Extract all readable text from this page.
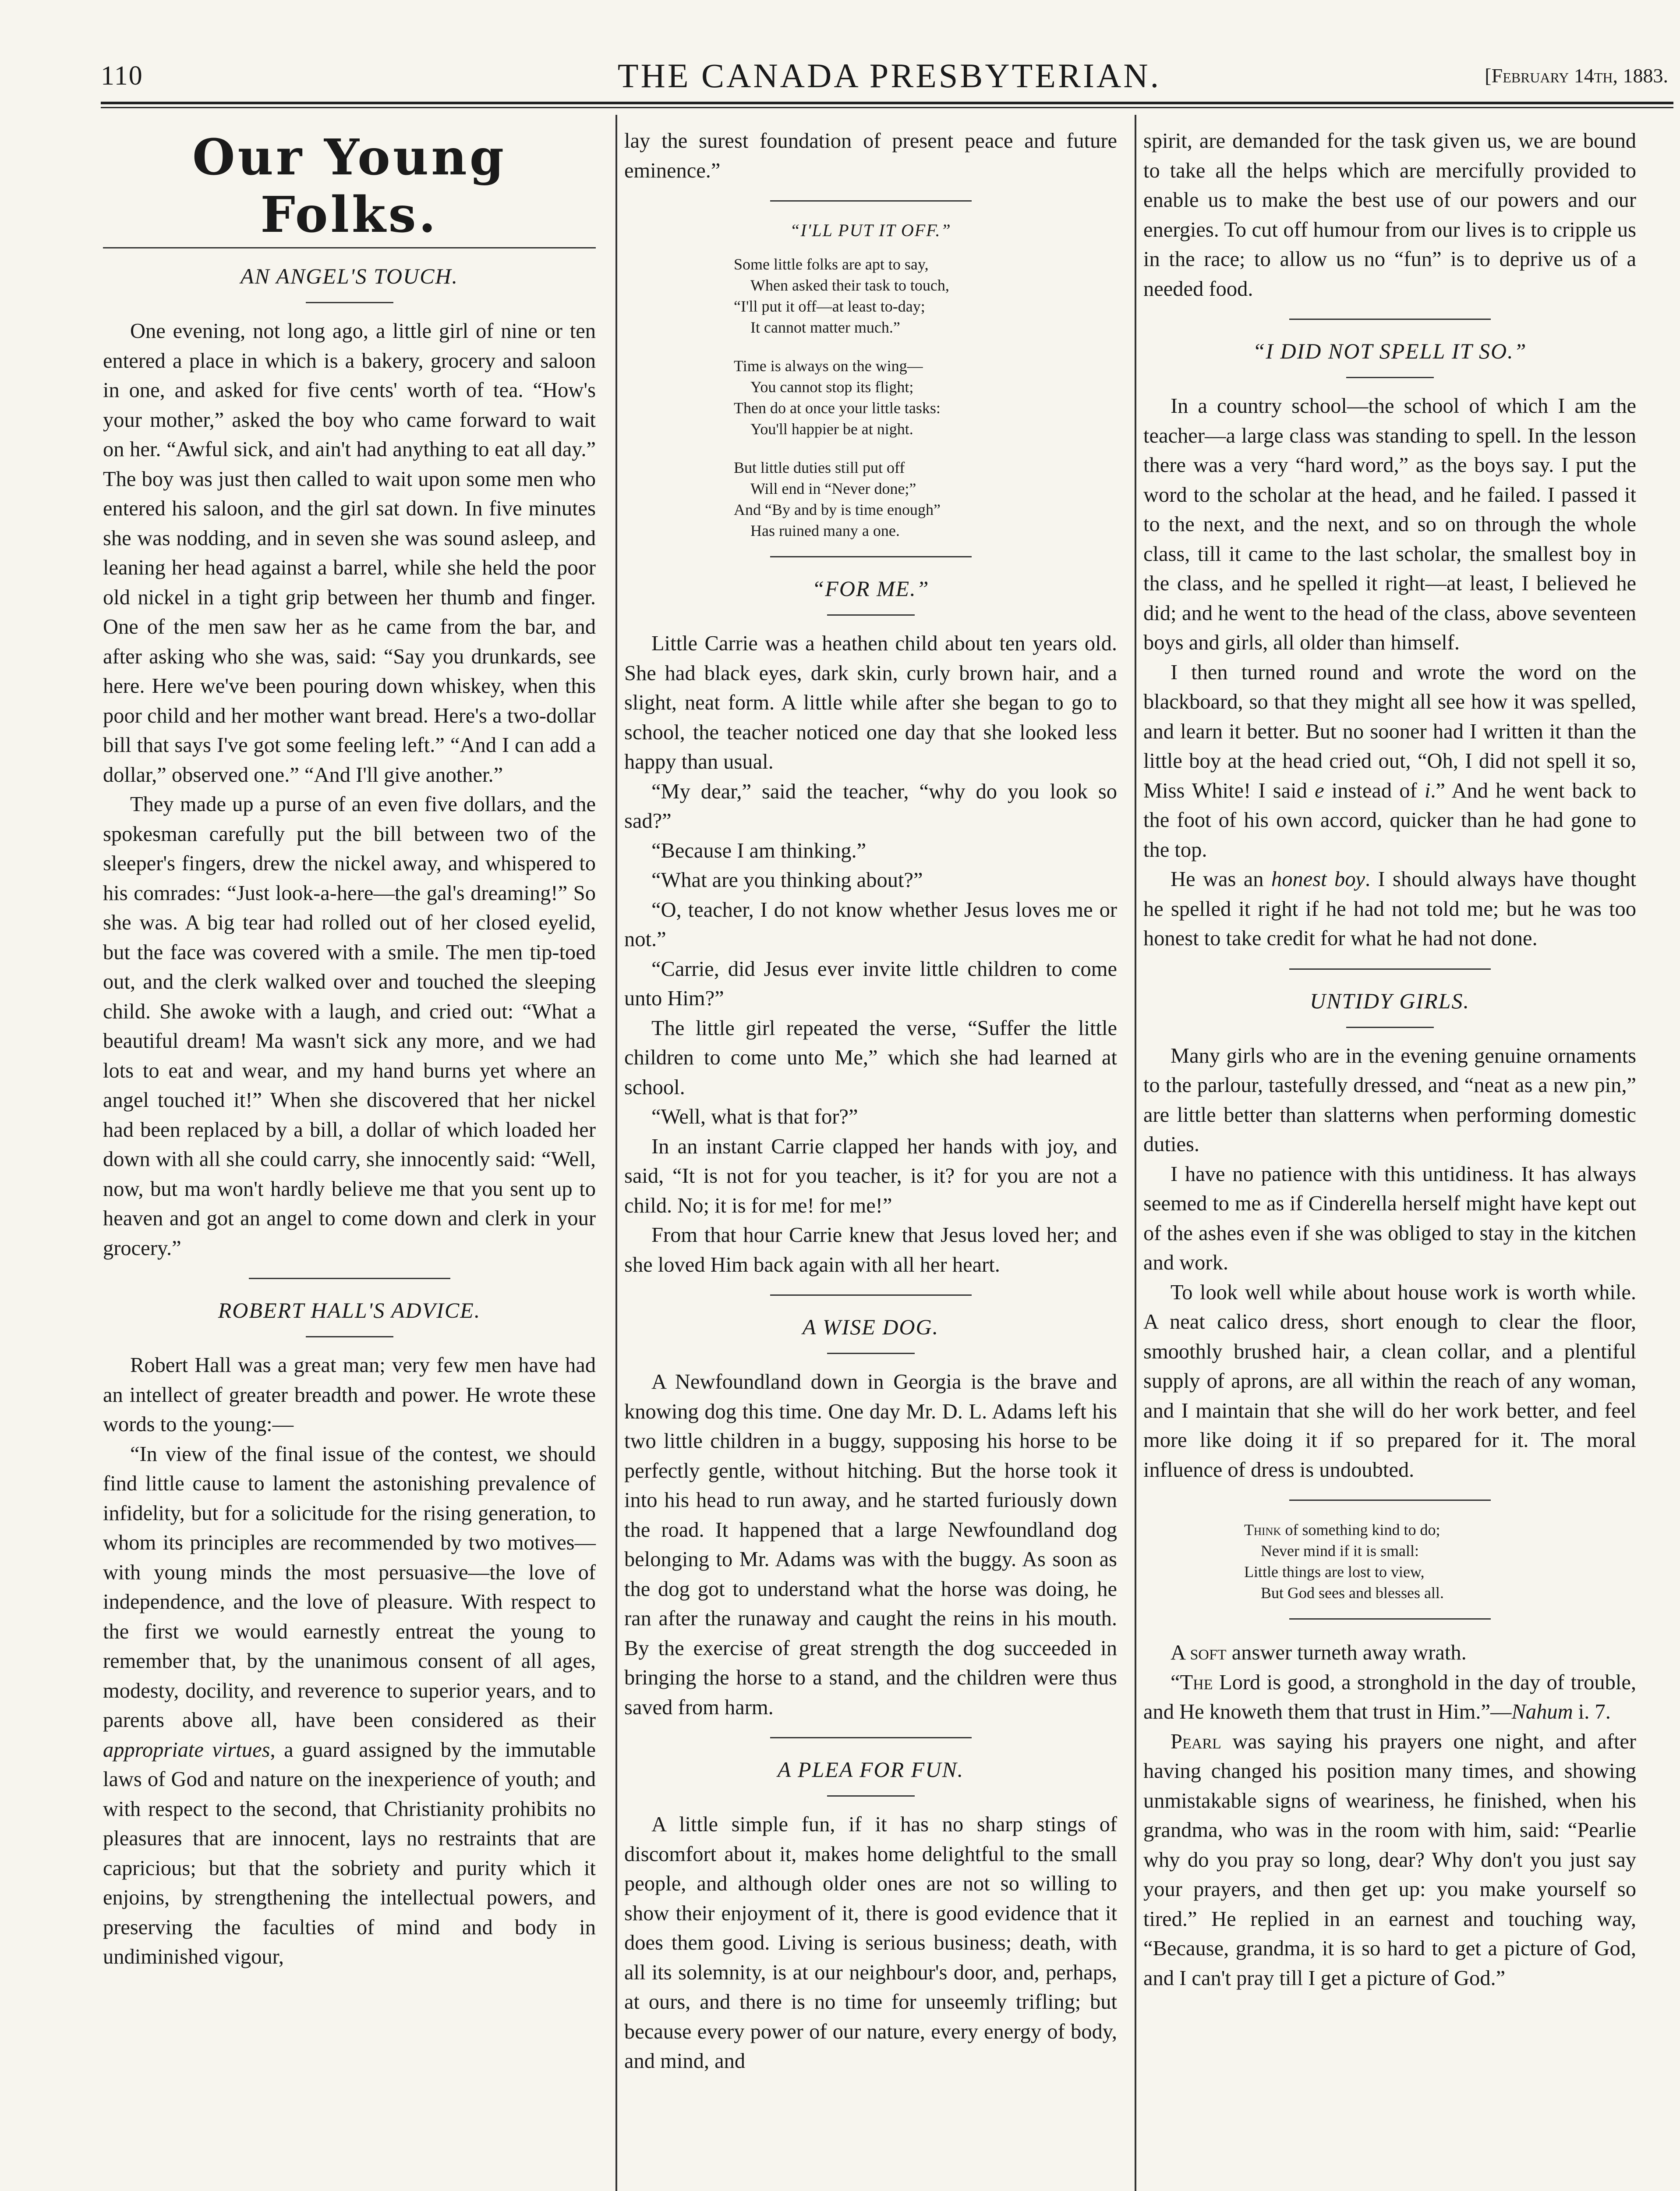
110	THE CANADA PRESBYTERIAN.	[February 14th, 1883.
Our Young Folks.
AN ANGEL'S TOUCH.

One evening, not long ago, a little girl of nine or ten entered a place in which is a bakery, grocery and saloon in one, and asked for five cents' worth of tea. “How's your mother,” asked the boy who came forward to wait on her. “Awful sick, and ain't had anything to eat all day.” The boy was just then called to wait upon some men who entered his saloon, and the girl sat down. In five minutes she was nodding, and in seven she was sound asleep, and leaning her head against a barrel, while she held the poor old nickel in a tight grip between her thumb and finger. One of the men saw her as he came from the bar, and after asking who she was, said: “Say you drunkards, see here. Here we've been pouring down whiskey, when this poor child and her mother want bread. Here's a two-dollar bill that says I've got some feeling left.” “And I can add a dollar,” observed one.” “And I'll give another.”

They made up a purse of an even five dollars, and the spokesman carefully put the bill between two of the sleeper's fingers, drew the nickel away, and whispered to his comrades: “Just look-a-here—the gal's dreaming!” So she was. A big tear had rolled out of her closed eyelid, but the face was covered with a smile. The men tip-toed out, and the clerk walked over and touched the sleeping child. She awoke with a laugh, and cried out: “What a beautiful dream! Ma wasn't sick any more, and we had lots to eat and wear, and my hand burns yet where an angel touched it!” When she discovered that her nickel had been replaced by a bill, a dollar of which loaded her down with all she could carry, she innocently said: “Well, now, but ma won't hardly believe me that you sent up to heaven and got an angel to come down and clerk in your grocery.”

ROBERT HALL'S ADVICE.

Robert Hall was a great man; very few men have had an intellect of greater breadth and power. He wrote these words to the young:—

“In view of the final issue of the contest, we should find little cause to lament the astonishing prevalence of infidelity, but for a solicitude for the rising generation, to whom its principles are recommended by two motives—with young minds the most persuasive—the love of independence, and the love of pleasure. With respect to the first we would earnestly entreat the young to remember that, by the unanimous consent of all ages, modesty, docility, and reverence to superior years, and to parents above all, have been considered as their appropriate virtues, a guard assigned by the immutable laws of God and nature on the inexperience of youth; and with respect to the second, that Christianity prohibits no pleasures that are innocent, lays no restraints that are capricious; but that the sobriety and purity which it enjoins, by strengthening the intellectual powers, and preserving the faculties of mind and body in undiminished vigour,

lay the surest foundation of present peace and future eminence.”

“I'LL PUT IT OFF.”
Some little folks are apt to say,
When asked their task to touch,
“I'll put it off—at least to-day;
It cannot matter much.”
Time is always on the wing—
You cannot stop its flight;
Then do at once your little tasks:
You'll happier be at night.
But little duties still put off
Will end in “Never done;”
And “By and by is time enough”
Has ruined many a one.
“FOR ME.”

Little Carrie was a heathen child about ten years old. She had black eyes, dark skin, curly brown hair, and a slight, neat form. A little while after she began to go to school, the teacher noticed one day that she looked less happy than usual.

“My dear,” said the teacher, “why do you look so sad?”

“Because I am thinking.”

“What are you thinking about?”

“O, teacher, I do not know whether Jesus loves me or not.”

“Carrie, did Jesus ever invite little children to come unto Him?”

The little girl repeated the verse, “Suffer the little children to come unto Me,” which she had learned at school.

“Well, what is that for?”

In an instant Carrie clapped her hands with joy, and said, “It is not for you teacher, is it? for you are not a child. No; it is for me! for me!”

From that hour Carrie knew that Jesus loved her; and she loved Him back again with all her heart.

A WISE DOG.

A Newfoundland down in Georgia is the brave and knowing dog this time. One day Mr. D. L. Adams left his two little children in a buggy, supposing his horse to be perfectly gentle, without hitching. But the horse took it into his head to run away, and he started furiously down the road. It happened that a large Newfoundland dog belonging to Mr. Adams was with the buggy. As soon as the dog got to understand what the horse was doing, he ran after the runaway and caught the reins in his mouth. By the exercise of great strength the dog succeeded in bringing the horse to a stand, and the children were thus saved from harm.

A PLEA FOR FUN.

A little simple fun, if it has no sharp stings of discomfort about it, makes home delightful to the small people, and although older ones are not so willing to show their enjoyment of it, there is good evidence that it does them good. Living is serious business; death, with all its solemnity, is at our neighbour's door, and, perhaps, at ours, and there is no time for unseemly trifling; but because every power of our nature, every energy of body, and mind, and

spirit, are demanded for the task given us, we are bound to take all the helps which are mercifully provided to enable us to make the best use of our powers and our energies. To cut off humour from our lives is to cripple us in the race; to allow us no “fun” is to deprive us of a needed food.

“I DID NOT SPELL IT SO.”

In a country school—the school of which I am the teacher—a large class was standing to spell. In the lesson there was a very “hard word,” as the boys say. I put the word to the scholar at the head, and he failed. I passed it to the next, and the next, and so on through the whole class, till it came to the last scholar, the smallest boy in the class, and he spelled it right—at least, I believed he did; and he went to the head of the class, above seventeen boys and girls, all older than himself.

I then turned round and wrote the word on the blackboard, so that they might all see how it was spelled, and learn it better. But no sooner had I written it than the little boy at the head cried out, “Oh, I did not spell it so, Miss White! I said e instead of i.” And he went back to the foot of his own accord, quicker than he had gone to the top.

He was an honest boy. I should always have thought he spelled it right if he had not told me; but he was too honest to take credit for what he had not done.

UNTIDY GIRLS.

Many girls who are in the evening genuine ornaments to the parlour, tastefully dressed, and “neat as a new pin,” are little better than slatterns when performing domestic duties.

I have no patience with this untidiness. It has always seemed to me as if Cinderella herself might have kept out of the ashes even if she was obliged to stay in the kitchen and work.

To look well while about house work is worth while. A neat calico dress, short enough to clear the floor, smoothly brushed hair, a clean collar, and a plentiful supply of aprons, are all within the reach of any woman, and I maintain that she will do her work better, and feel more like doing it if so prepared for it. The moral influence of dress is undoubted.

Think of something kind to do;
Never mind if it is small:
Little things are lost to view,
But God sees and blesses all.

A soft answer turneth away wrath.

“The Lord is good, a stronghold in the day of trouble, and He knoweth them that trust in Him.”—Nahum i. 7.

Pearl was saying his prayers one night, and after having changed his position many times, and showing unmistakable signs of weariness, he finished, when his grandma, who was in the room with him, said: “Pearlie why do you pray so long, dear? Why don't you just say your prayers, and then get up: you make yourself so tired.” He replied in an earnest and touching way, “Because, grandma, it is so hard to get a picture of God, and I can't pray till I get a picture of God.”
